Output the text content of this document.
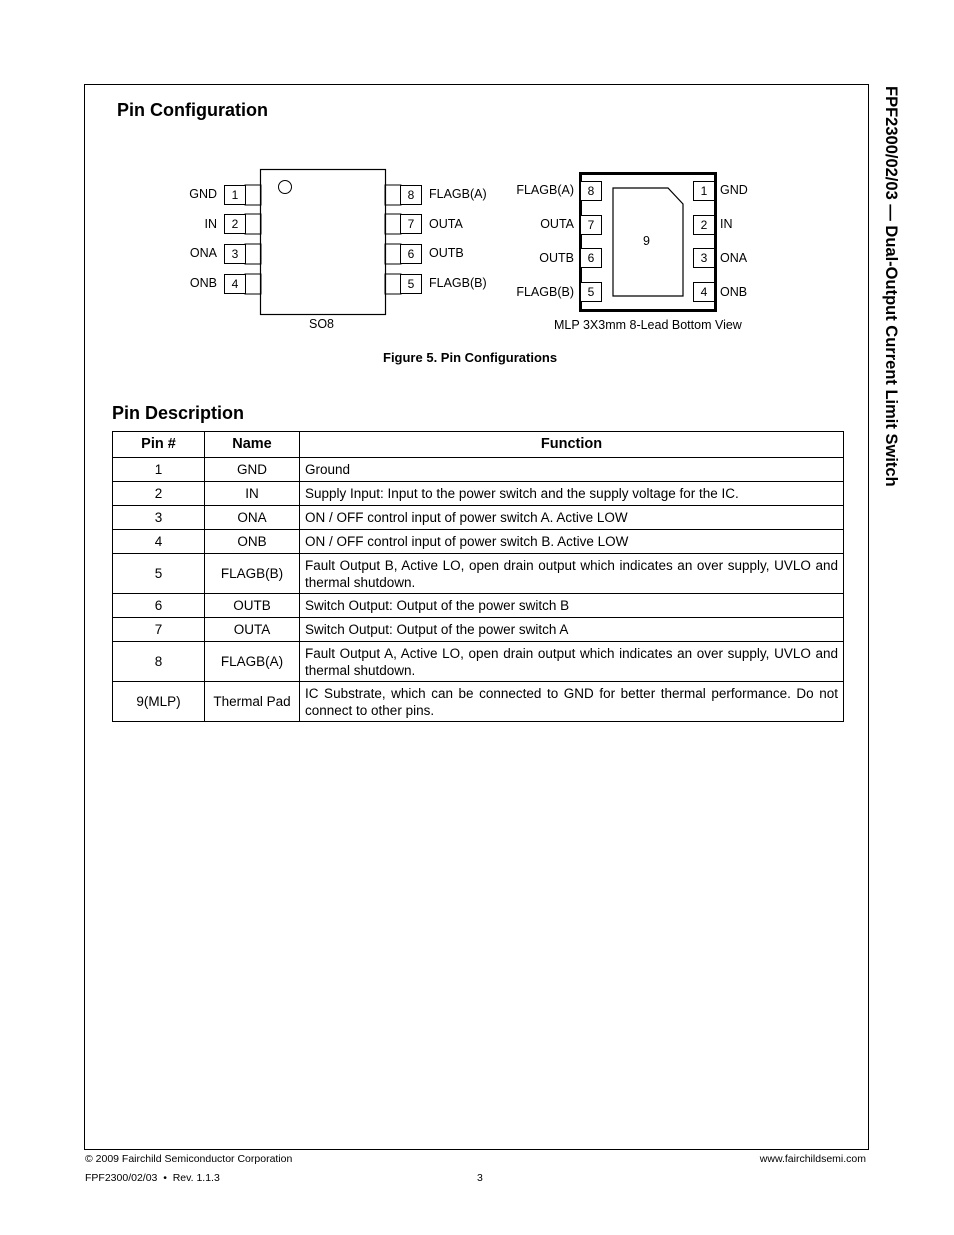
FPF2300/02/03 — Dual-Output Current Limit Switch
Pin Configuration
1
2
3
4
GND
IN
ONA
ONB
8
7
6
5
FLAGB(A)
OUTA
OUTB
FLAGB(B)
SO8
8
7
6
5
FLAGB(A)
OUTA
OUTB
FLAGB(B)
1
2
3
4
GND
IN
ONA
ONB
9
MLP 3X3mm 8-Lead Bottom View
Figure 5. Pin Configurations
Pin Description
Pin #	Name	Function
1	GND	Ground
2	IN	Supply Input: Input to the power switch and the supply voltage for the IC.
3	ONA	ON / OFF control input of power switch A. Active LOW
4	ONB	ON / OFF control input of power switch B. Active LOW
5	FLAGB(B)	Fault Output B, Active LO, open drain output which indicates an over supply, UVLO and thermal shutdown.
6	OUTB	Switch Output: Output of the power switch B
7	OUTA	Switch Output: Output of the power switch A
8	FLAGB(A)	Fault Output A, Active LO, open drain output which indicates an over supply, UVLO and thermal shutdown.
9(MLP)	Thermal Pad	IC Substrate, which can be connected to GND for better thermal performance. Do not connect to other pins.
© 2009 Fairchild Semiconductor Corporation
FPF2300/02/03  •  Rev. 1.1.3	3
www.fairchildsemi.com
